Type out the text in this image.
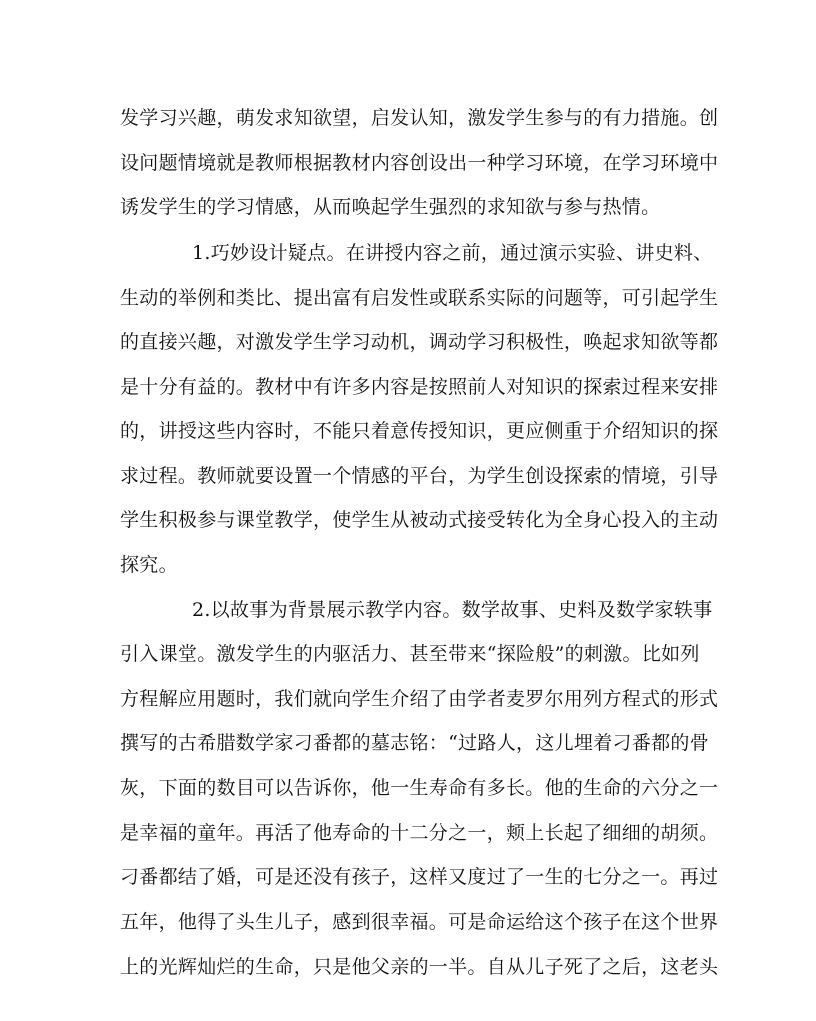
发学习兴趣，萌发求知欲望，启发认知，激发学生参与的有力措施。创
设问题情境就是教师根据教材内容创设出一种学习环境，在学习环境中
诱发学生的学习情感，从而唤起学生强烈的求知欲与参与热情。
1.巧妙设计疑点。在讲授内容之前，通过演示实验、讲史料、
生动的举例和类比、提出富有启发性或联系实际的问题等，可引起学生
的直接兴趣，对激发学生学习动机，调动学习积极性，唤起求知欲等都
是十分有益的。教材中有许多内容是按照前人对知识的探索过程来安排
的，讲授这些内容时，不能只着意传授知识，更应侧重于介绍知识的探
求过程。教师就要设置一个情感的平台，为学生创设探索的情境，引导
学生积极参与课堂教学，使学生从被动式接受转化为全身心投入的主动
2.以故事为背景展示教学内容。数学故事、史料及数学家轶事
引入课堂。激发学生的内驱活力、甚至带来“探险般”的刺激。比如列
方程解应用题时，我们就向学生介绍了由学者麦罗尔用列方程式的形式
撰写的古希腊数学家刁番都的墓志铭：“过路人，这儿埋着刁番都的骨
灰，下面的数目可以告诉你，他一生寿命有多长。他的生命的六分之一
是幸福的童年。再活了他寿命的十二分之一，颊上长起了细细的胡须。
刁番都结了婚，可是还没有孩子，这样又度过了一生的七分之一。再过
五年，他得了头生儿子，感到很幸福。可是命运给这个孩子在这个世界
上的光辉灿烂的生命，只是他父亲的一半。自从儿子死了之后，这老头
探究。
